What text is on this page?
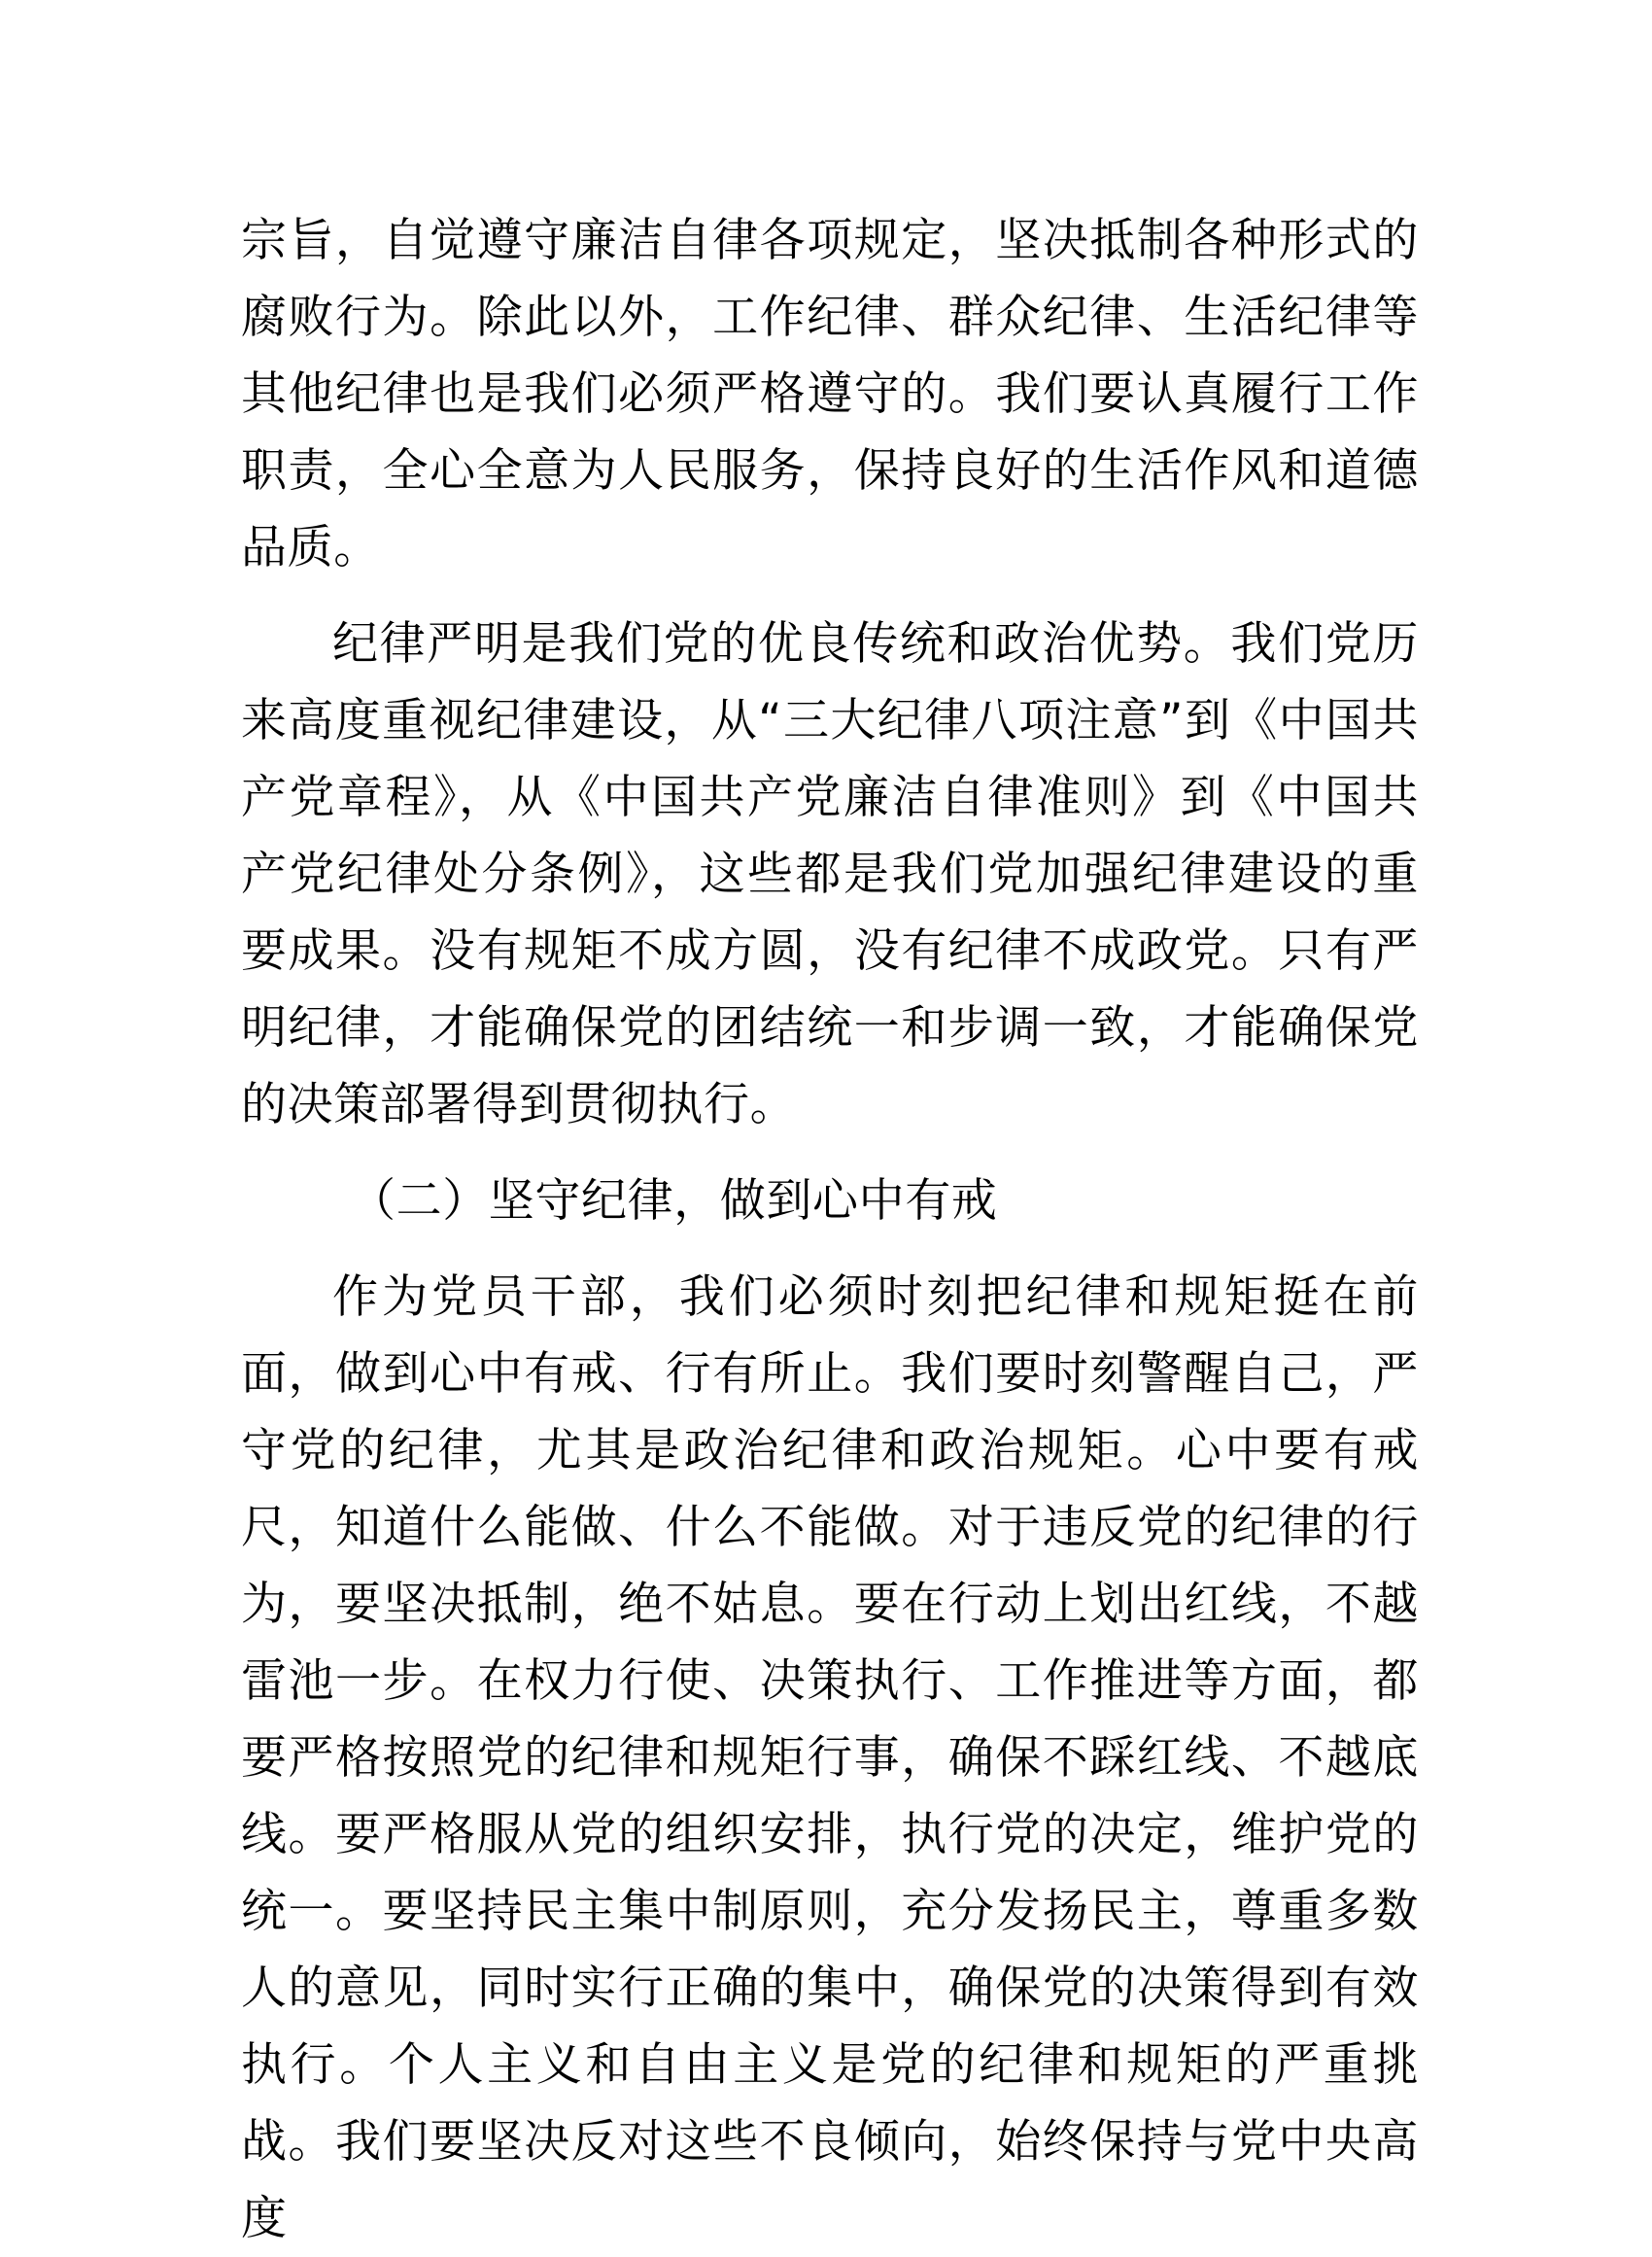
宗旨，自觉遵守廉洁自律各项规定，坚决抵制各种形式的腐败行为。除此以外，工作纪律、群众纪律、生活纪律等其他纪律也是我们必须严格遵守的。我们要认真履行工作职责，全心全意为人民服务，保持良好的生活作风和道德品质。

纪律严明是我们党的优良传统和政治优势。我们党历来高度重视纪律建设，从“三大纪律八项注意”到《中国共产党章程》，从《中国共产党廉洁自律准则》到《中国共产党纪律处分条例》，这些都是我们党加强纪律建设的重要成果。没有规矩不成方圆，没有纪律不成政党。只有严明纪律，才能确保党的团结统一和步调一致，才能确保党的决策部署得到贯彻执行。

（二）坚守纪律，做到心中有戒

作为党员干部，我们必须时刻把纪律和规矩挺在前面，做到心中有戒、行有所止。我们要时刻警醒自己，严守党的纪律，尤其是政治纪律和政治规矩。心中要有戒尺，知道什么能做、什么不能做。对于违反党的纪律的行为，要坚决抵制，绝不姑息。要在行动上划出红线，不越雷池一步。在权力行使、决策执行、工作推进等方面，都要严格按照党的纪律和规矩行事，确保不踩红线、不越底线。要严格服从党的组织安排，执行党的决定，维护党的统一。要坚持民主集中制原则，充分发扬民主，尊重多数人的意见，同时实行正确的集中，确保党的决策得到有效执行。个人主义和自由主义是党的纪律和规矩的严重挑战。我们要坚决反对这些不良倾向，始终保持与党中央高度
